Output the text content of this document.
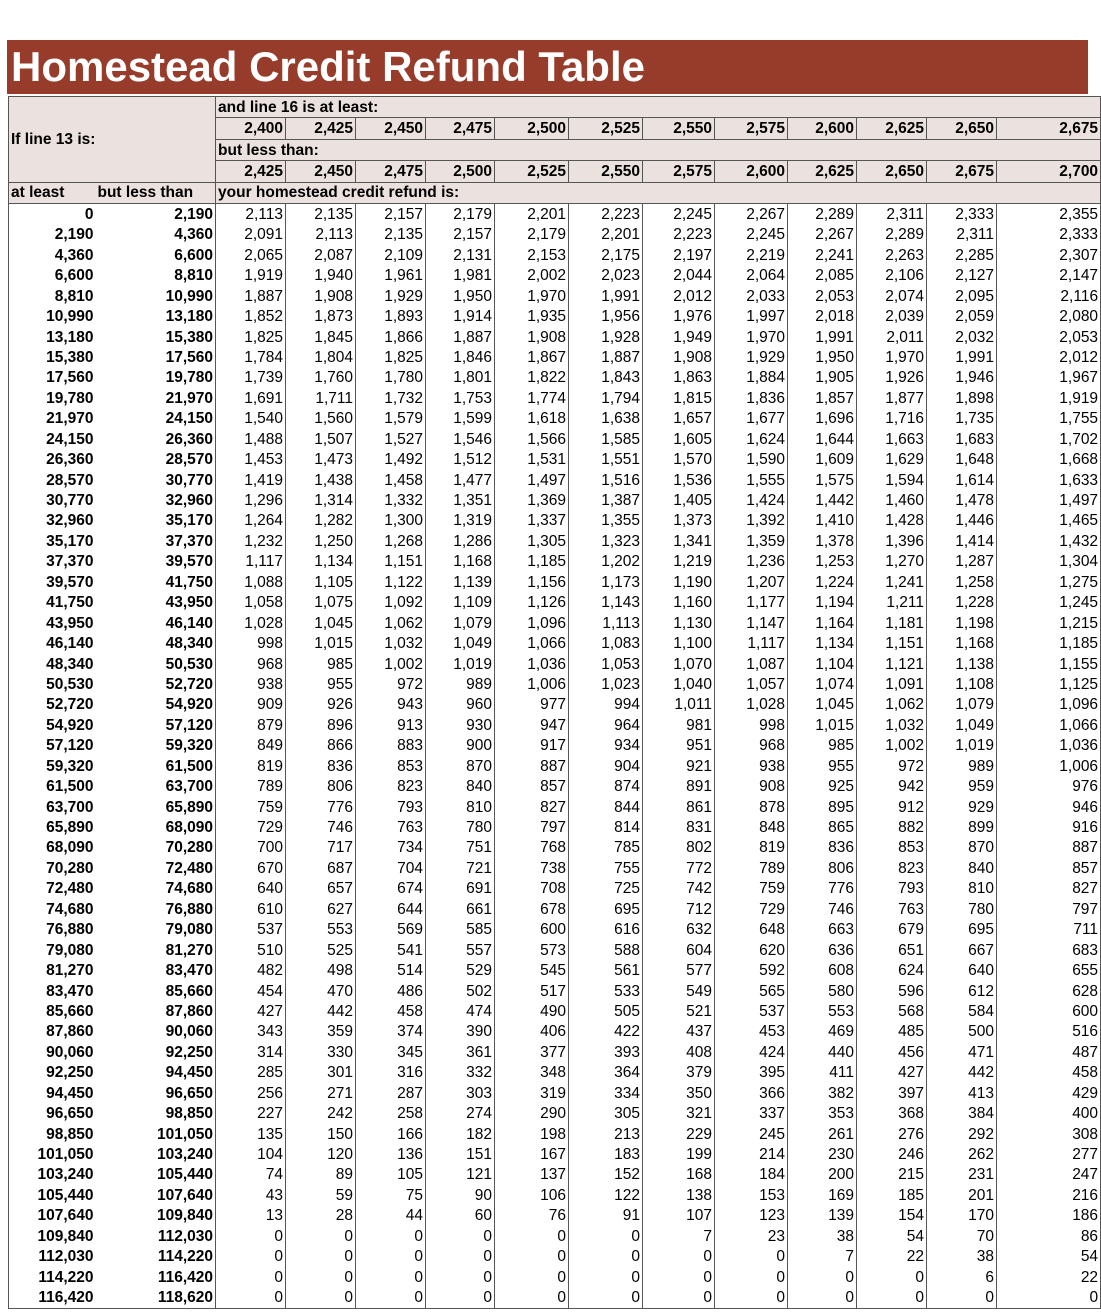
Homestead Credit Refund Table
If line 13 is:		and line 16 is at least:											
		2,400	2,425	2,450	2,475	2,500	2,525	2,550	2,575	2,600	2,625	2,650	2,675
		but less than:											
		2,425	2,450	2,475	2,500	2,525	2,550	2,575	2,600	2,625	2,650	2,675	2,700
at least	but less than	your homestead credit refund is:											
0	2,190	2,113	2,135	2,157	2,179	2,201	2,223	2,245	2,267	2,289	2,311	2,333	2,355
2,190	4,360	2,091	2,113	2,135	2,157	2,179	2,201	2,223	2,245	2,267	2,289	2,311	2,333
4,360	6,600	2,065	2,087	2,109	2,131	2,153	2,175	2,197	2,219	2,241	2,263	2,285	2,307
6,600	8,810	1,919	1,940	1,961	1,981	2,002	2,023	2,044	2,064	2,085	2,106	2,127	2,147
8,810	10,990	1,887	1,908	1,929	1,950	1,970	1,991	2,012	2,033	2,053	2,074	2,095	2,116
10,990	13,180	1,852	1,873	1,893	1,914	1,935	1,956	1,976	1,997	2,018	2,039	2,059	2,080
13,180	15,380	1,825	1,845	1,866	1,887	1,908	1,928	1,949	1,970	1,991	2,011	2,032	2,053
15,380	17,560	1,784	1,804	1,825	1,846	1,867	1,887	1,908	1,929	1,950	1,970	1,991	2,012
17,560	19,780	1,739	1,760	1,780	1,801	1,822	1,843	1,863	1,884	1,905	1,926	1,946	1,967
19,780	21,970	1,691	1,711	1,732	1,753	1,774	1,794	1,815	1,836	1,857	1,877	1,898	1,919
21,970	24,150	1,540	1,560	1,579	1,599	1,618	1,638	1,657	1,677	1,696	1,716	1,735	1,755
24,150	26,360	1,488	1,507	1,527	1,546	1,566	1,585	1,605	1,624	1,644	1,663	1,683	1,702
26,360	28,570	1,453	1,473	1,492	1,512	1,531	1,551	1,570	1,590	1,609	1,629	1,648	1,668
28,570	30,770	1,419	1,438	1,458	1,477	1,497	1,516	1,536	1,555	1,575	1,594	1,614	1,633
30,770	32,960	1,296	1,314	1,332	1,351	1,369	1,387	1,405	1,424	1,442	1,460	1,478	1,497
32,960	35,170	1,264	1,282	1,300	1,319	1,337	1,355	1,373	1,392	1,410	1,428	1,446	1,465
35,170	37,370	1,232	1,250	1,268	1,286	1,305	1,323	1,341	1,359	1,378	1,396	1,414	1,432
37,370	39,570	1,117	1,134	1,151	1,168	1,185	1,202	1,219	1,236	1,253	1,270	1,287	1,304
39,570	41,750	1,088	1,105	1,122	1,139	1,156	1,173	1,190	1,207	1,224	1,241	1,258	1,275
41,750	43,950	1,058	1,075	1,092	1,109	1,126	1,143	1,160	1,177	1,194	1,211	1,228	1,245
43,950	46,140	1,028	1,045	1,062	1,079	1,096	1,113	1,130	1,147	1,164	1,181	1,198	1,215
46,140	48,340	998	1,015	1,032	1,049	1,066	1,083	1,100	1,117	1,134	1,151	1,168	1,185
48,340	50,530	968	985	1,002	1,019	1,036	1,053	1,070	1,087	1,104	1,121	1,138	1,155
50,530	52,720	938	955	972	989	1,006	1,023	1,040	1,057	1,074	1,091	1,108	1,125
52,720	54,920	909	926	943	960	977	994	1,011	1,028	1,045	1,062	1,079	1,096
54,920	57,120	879	896	913	930	947	964	981	998	1,015	1,032	1,049	1,066
57,120	59,320	849	866	883	900	917	934	951	968	985	1,002	1,019	1,036
59,320	61,500	819	836	853	870	887	904	921	938	955	972	989	1,006
61,500	63,700	789	806	823	840	857	874	891	908	925	942	959	976
63,700	65,890	759	776	793	810	827	844	861	878	895	912	929	946
65,890	68,090	729	746	763	780	797	814	831	848	865	882	899	916
68,090	70,280	700	717	734	751	768	785	802	819	836	853	870	887
70,280	72,480	670	687	704	721	738	755	772	789	806	823	840	857
72,480	74,680	640	657	674	691	708	725	742	759	776	793	810	827
74,680	76,880	610	627	644	661	678	695	712	729	746	763	780	797
76,880	79,080	537	553	569	585	600	616	632	648	663	679	695	711
79,080	81,270	510	525	541	557	573	588	604	620	636	651	667	683
81,270	83,470	482	498	514	529	545	561	577	592	608	624	640	655
83,470	85,660	454	470	486	502	517	533	549	565	580	596	612	628
85,660	87,860	427	442	458	474	490	505	521	537	553	568	584	600
87,860	90,060	343	359	374	390	406	422	437	453	469	485	500	516
90,060	92,250	314	330	345	361	377	393	408	424	440	456	471	487
92,250	94,450	285	301	316	332	348	364	379	395	411	427	442	458
94,450	96,650	256	271	287	303	319	334	350	366	382	397	413	429
96,650	98,850	227	242	258	274	290	305	321	337	353	368	384	400
98,850	101,050	135	150	166	182	198	213	229	245	261	276	292	308
101,050	103,240	104	120	136	151	167	183	199	214	230	246	262	277
103,240	105,440	74	89	105	121	137	152	168	184	200	215	231	247
105,440	107,640	43	59	75	90	106	122	138	153	169	185	201	216
107,640	109,840	13	28	44	60	76	91	107	123	139	154	170	186
109,840	112,030	0	0	0	0	0	0	7	23	38	54	70	86
112,030	114,220	0	0	0	0	0	0	0	0	7	22	38	54
114,220	116,420	0	0	0	0	0	0	0	0	0	0	6	22
116,420	118,620	0	0	0	0	0	0	0	0	0	0	0	0
